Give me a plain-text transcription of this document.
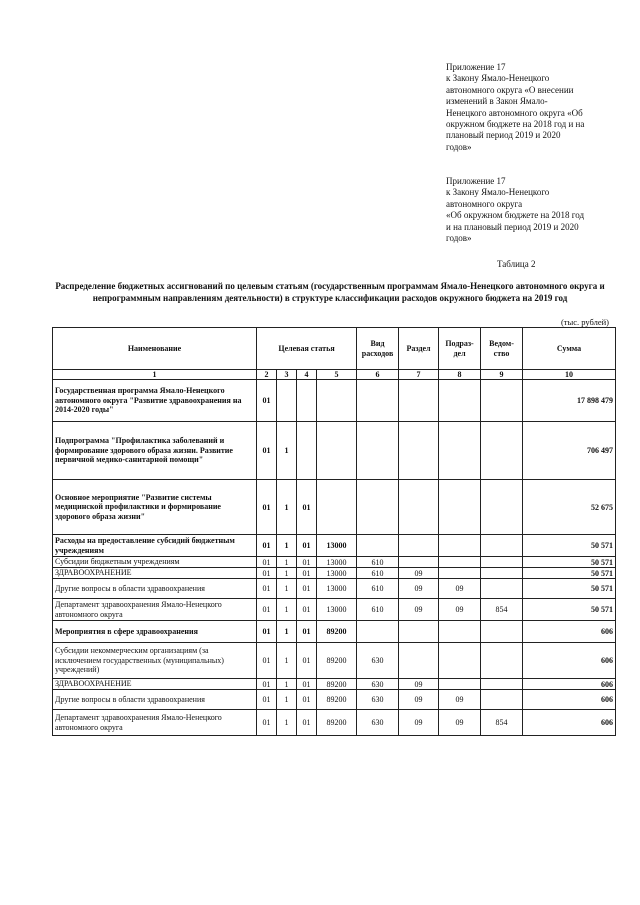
Приложение 17

к Закону Ямало-Ненецкого

автономного округа «О внесении

изменений в Закон Ямало-

Ненецкого автономного округа «Об

окружном бюджете на 2018 год и на

плановый период 2019 и 2020

годов»

Приложение 17

к Закону Ямало-Ненецкого

автономного округа

«Об окружном бюджете на 2018 год

и на плановый период 2019 и 2020

годов»

Таблица 2
Распределение бюджетных ассигнований по целевым статьям (государственным программам Ямало-Ненецкого автономного округа и непрограммным направлениям деятельности) в структуре классификации расходов окружного бюджета на 2019 год
(тыс. рублей)
Наименование	Целевая статья				Вид расходов	Раздел	Подраз-дел	Ведом-ство	Сумма
1	2	3	4	5	6	7	8	9	10
Государственная программа Ямало-Ненецкого автономного округа "Развитие здравоохранения на 2014-2020 годы"	01								17 898 479
Подпрограмма "Профилактика заболеваний и формирование здорового образа жизни. Развитие первичной медико-санитарной помощи"	01	1							706 497
Основное мероприятие "Развитие системы медицинской профилактики и формирование здорового образа жизни"	01	1	01						52 675
Расходы на предоставление субсидий бюджетным учреждениям	01	1	01	13000					50 571
Субсидии бюджетным учреждениям	01	1	01	13000	610				50 571
ЗДРАВООХРАНЕНИЕ	01	1	01	13000	610	09			50 571
Другие вопросы в области здравоохранения	01	1	01	13000	610	09	09		50 571
Департамент здравоохранения Ямало-Ненецкого автономного округа	01	1	01	13000	610	09	09	854	50 571
Мероприятия в сфере здравоохранения	01	1	01	89200					606
Субсидии некоммерческим организациям (за исключением государственных (муниципальных) учреждений)	01	1	01	89200	630				606
ЗДРАВООХРАНЕНИЕ	01	1	01	89200	630	09			606
Другие вопросы в области здравоохранения	01	1	01	89200	630	09	09		606
Департамент здравоохранения Ямало-Ненецкого автономного округа	01	1	01	89200	630	09	09	854	606
